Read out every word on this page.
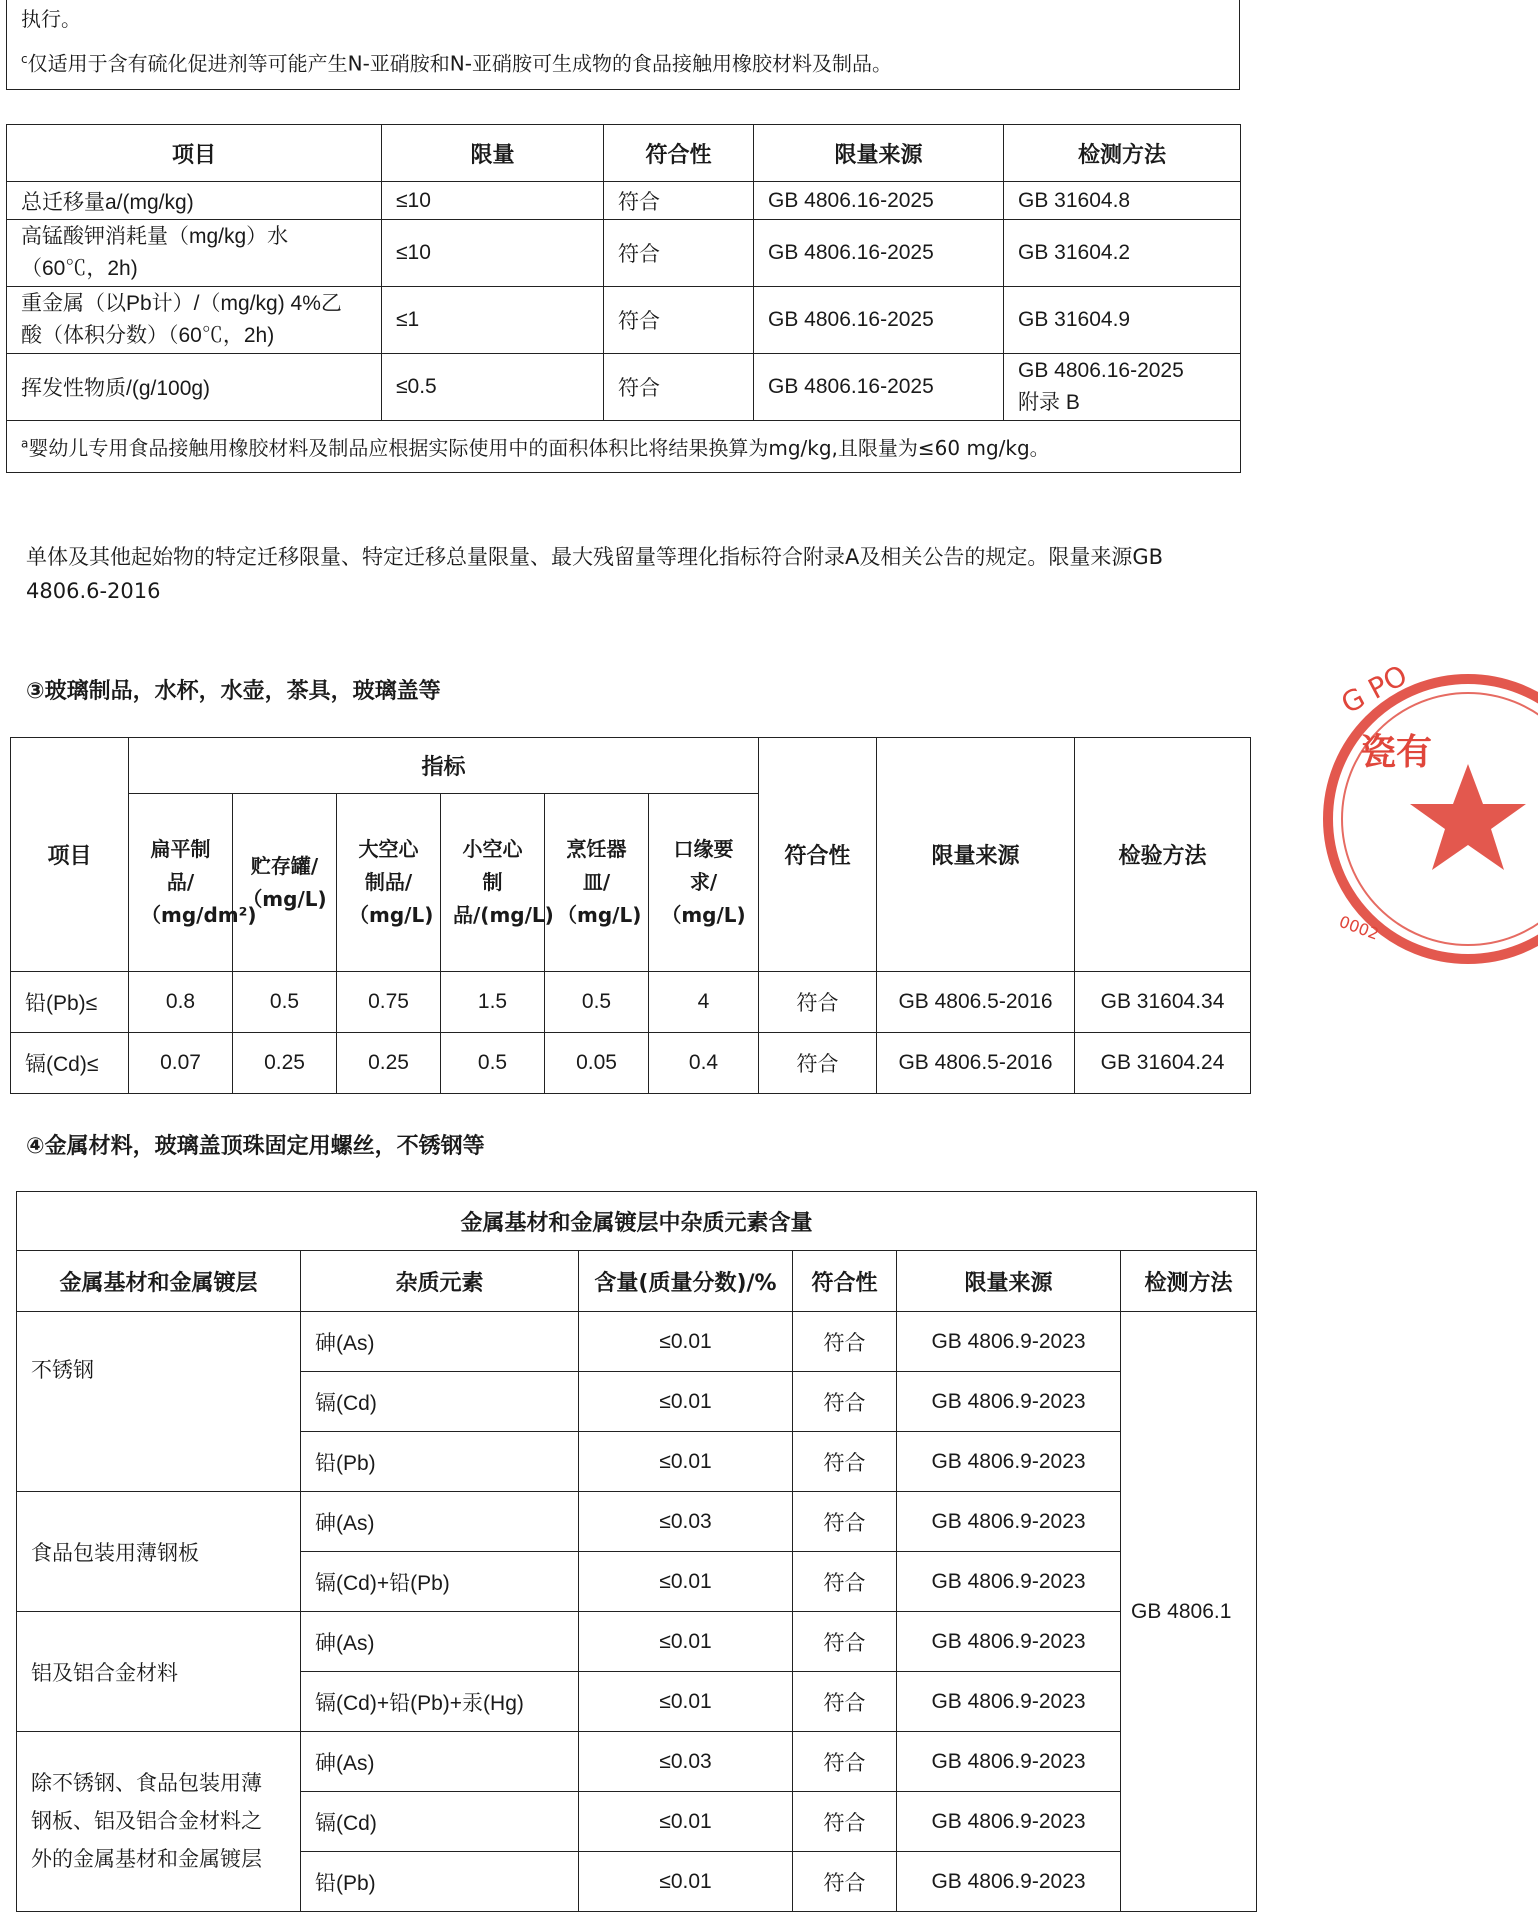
执行。
$^c$仅适用于含有硫化促进剂等可能产生N-亚硝胺和N-亚硝胺可生成物的食品接触用橡胶材料及制品。
项目	限量	符合性	限量来源	检测方法
总迁移量a/(mg/kg)	≤10	符合	GB 4806.16-2025	GB 31604.8
高锰酸钾消耗量（mg/kg）水（60℃，2h)	≤10	符合	GB 4806.16-2025	GB 31604.2
重金属（以Pb计）/（mg/kg) 4%乙酸（体积分数）（60℃，2h)	≤1	符合	GB 4806.16-2025	GB 31604.9
挥发性物质/(g/100g)	≤0.5	符合	GB 4806.16-2025	GB 4806.16-2025 附录 B
$^a$婴幼儿专用食品接触用橡胶材料及制品应根据实际使用中的面积体积比将结果换算为mg/kg,且限量为≤60 mg/kg。				
单体及其他起始物的特定迁移限量、特定迁移总量限量、最大残留量等理化指标符合附录A及相关公告的规定。限量来源GB 4806.6-2016
③玻璃制品，水杯，水壶，茶具，玻璃盖等
项目	指标						符合性	限量来源	检验方法
	扁平制品/（mg/dm²)	贮存罐/（mg/L)	大空心制品/（mg/L)	小空心制品/(mg/L)	烹饪器皿/（mg/L)	口缘要求/（mg/L)			
铅(Pb)≤	0.8	0.5	0.75	1.5	0.5	4	符合	GB 4806.5-2016	GB 31604.34
镉(Cd)≤	0.07	0.25	0.25	0.5	0.05	0.4	符合	GB 4806.5-2016	GB 31604.24
④金属材料，玻璃盖顶珠固定用螺丝，不锈钢等
金属基材和金属镀层中杂质元素含量					
金属基材和金属镀层	杂质元素	含量(质量分数)/%	符合性	限量来源	检测方法
不锈钢	砷(As)	≤0.01	符合	GB 4806.9-2023	GB 4806.1
	镉(Cd)	≤0.01	符合	GB 4806.9-2023	
	铅(Pb)	≤0.01	符合	GB 4806.9-2023	
食品包装用薄钢板	砷(As)	≤0.03	符合	GB 4806.9-2023	
	镉(Cd)+铅(Pb)	≤0.01	符合	GB 4806.9-2023	
铝及铝合金材料	砷(As)	≤0.01	符合	GB 4806.9-2023	
	镉(Cd)+铅(Pb)+汞(Hg)	≤0.01	符合	GB 4806.9-2023	
除不锈钢、食品包装用薄钢板、铝及铝合金材料之外的金属基材和金属镀层	砷(As)	≤0.03	符合	GB 4806.9-2023	
	镉(Cd)	≤0.01	符合	GB 4806.9-2023	
	铅(Pb)	≤0.01	符合	GB 4806.9-2023	
G PO
瓷有
0002
